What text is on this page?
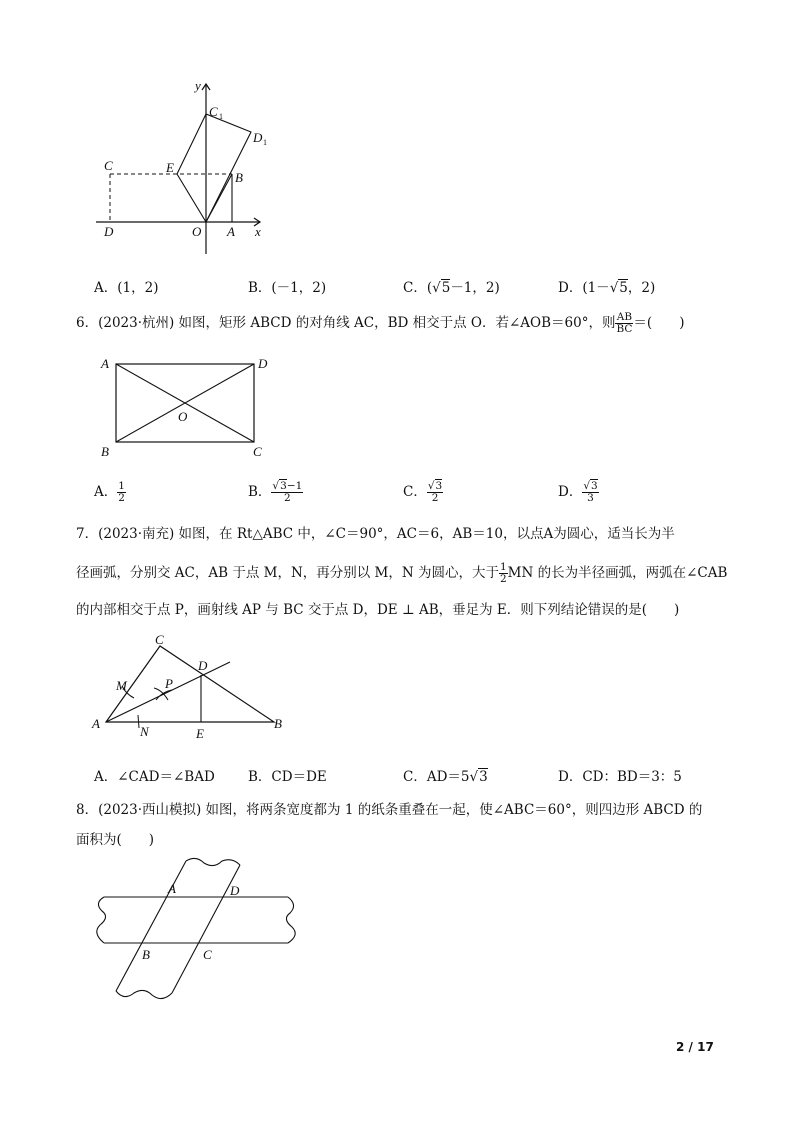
y
C 1
D 1
C	E
B
D	O A x
A．(1，2)	B．(－1，2)	C．(√5－1，2)	D．(1－√5，2)
6．(2023·杭州) 如图，矩形 ABCD 的对角线 AC，BD 相交于点 O．若∠AOB＝60°，则 $\frac{AB}{BC}$ ＝(　　)
A	D
O
B	C
A． $\frac{1}{2}$	B． $\frac{√3-1}{2}$	C． $\frac{√3}{2}$	D． $\frac{√3}{3}$
7．(2023·南充) 如图，在 Rt△ABC 中，∠C＝90°，AC＝6，AB＝10，以点A为圆心，适当长为半
径画弧，分别交 AC，AB 于点 M，N，再分别以 M，N 为圆心，大于 $\frac{1}{2}$ MN 的长为半径画弧，两弧在∠CAB
的内部相交于点 P，画射线 AP 与 BC 交于点 D，DE ⊥ AB，垂足为 E．则下列结论错误的是(　　)
C
D
M	P
A
N	E
B
A．∠CAD＝∠BAD B．CD＝DE	C．AD＝5√3	D．CD：BD＝3：5
8．(2023·西山模拟) 如图，将两条宽度都为 1 的纸条重叠在一起，使∠ABC＝60°，则四边形 ABCD 的
面积为(　　)
A	D
B	C
2 / 17
